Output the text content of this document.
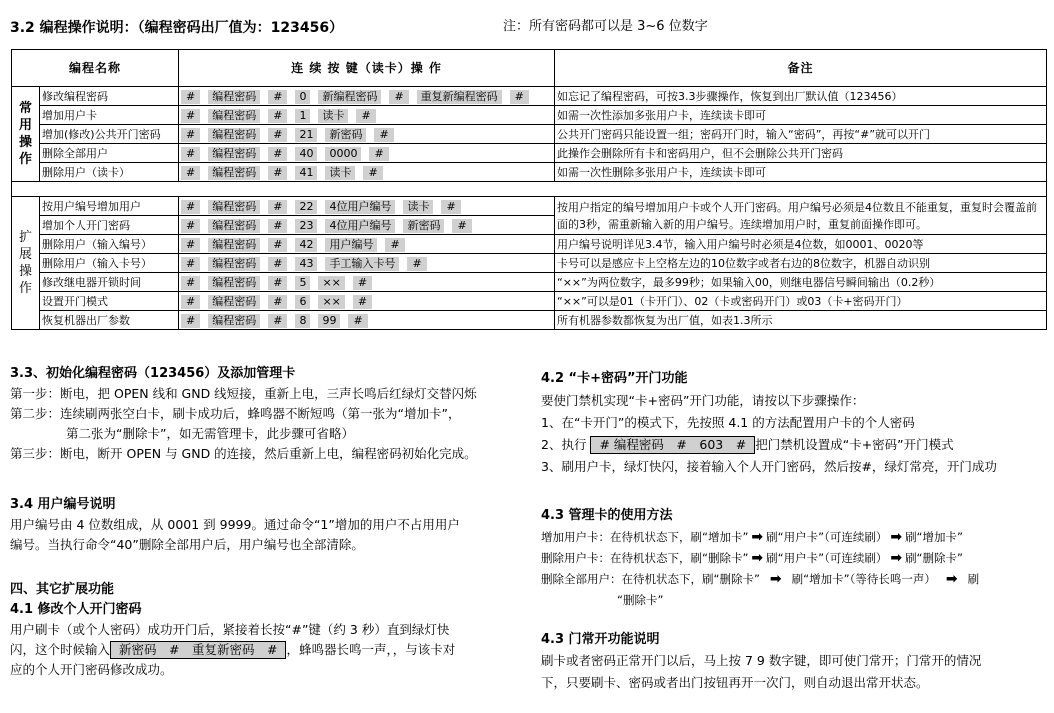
3.2 编程操作说明：（编程密码出厂值为：123456）	注：所有密码都可以是 3~6 位数字
编程名称		连 续 按 键（读卡）操 作	备注
常用操作	修改编程密码	# 编程密码 # 0 新编程密码 # 重复新编程密码 #	如忘记了编程密码，可按3.3步骤操作，恢复到出厂默认值（123456）
	增加用户卡	# 编程密码 # 1 读卡 #	如需一次性添加多张用户卡，连续读卡即可
	增加(修改)公共开门密码	# 编程密码 # 21 新密码 #	公共开门密码只能设置一组；密码开门时，输入“密码”，再按“#”就可以开门
	删除全部用户	# 编程密码 # 40 0000 #	此操作会删除所有卡和密码用户，但不会删除公共开门密码
	删除用户（读卡）	# 编程密码 # 41 读卡 #	如需一次性删除多张用户卡，连续读卡即可

扩
展
操
作	按用户编号增加用户	# 编程密码 # 22 4位用户编号 读卡 #	按用户指定的编号增加用户卡或个人开门密码。用户编号必须是4位数且不能重复，重复时会覆盖前面的3秒，需重新输入新的用户编号。连续增加用户时，重复前面操作即可。
	增加个人开门密码	# 编程密码 # 23 4位用户编号 新密码 #	
	删除用户（输入编号）	# 编程密码 # 42 用户编号 #	用户编号说明详见3.4节，输入用户编号时必须是4位数，如0001、0020等
	删除用户（输入卡号）	# 编程密码 # 43 手工输入卡号 #	卡号可以是感应卡上空格左边的10位数字或者右边的8位数字，机器自动识别
	修改继电器开锁时间	# 编程密码 # 5 ×× #	“××”为两位数字，最多99秒；如果输入00，则继电器信号瞬间输出（0.2秒）
	设置开门模式	# 编程密码 # 6 ×× #	“××”可以是01（卡开门）、02（卡或密码开门）或03（卡+密码开门）
	恢复机器出厂参数	# 编程密码 # 8 99 #	所有机器参数都恢复为出厂值，如表1.3所示
3.3、初始化编程密码（123456）及添加管理卡
第一步：断电，把 OPEN 线和 GND 线短接，重新上电，三声长鸣后红绿灯交替闪烁
第二步：连续刷两张空白卡，刷卡成功后，蜂鸣器不断短鸣（第一张为“增加卡”，
第二张为“删除卡”，如无需管理卡，此步骤可省略）
第三步：断电，断开 OPEN 与 GND 的连接，然后重新上电，编程密码初始化完成。
3.4 用户编号说明
用户编号由 4 位数组成，从 0001 到 9999。通过命令“1”增加的用户不占用用户
编号。当执行命令“40”删除全部用户后，用户编号也全部清除。
四、其它扩展功能
4.1 修改个人开门密码
用户刷卡（或个人密码）成功开门后，紧接着长按“#”键（约 3 秒）直到绿灯快
闪，这个时候输入 新密码　#　重复新密码　# ，蜂鸣器长鸣一声，，与该卡对
应的个人开门密码修改成功。
4.2 “卡+密码”开门功能
要使门禁机实现“卡+密码”开门功能，请按以下步骤操作：
1、在“卡开门”的模式下，先按照 4.1 的方法配置用户卡的个人密码
2、执行 # 编程密码　#　603　# 把门禁机设置成“卡+密码”开门模式
3、刷用户卡，绿灯快闪，接着输入个人开门密码，然后按#，绿灯常亮，开门成功
4.3 管理卡的使用方法
增加用户卡：在待机状态下，刷“增加卡” ➡ 刷“用户卡”（可连续刷） ➡ 刷“增加卡”
删除用户卡：在待机状态下，刷“删除卡” ➡ 刷“用户卡”（可连续刷） ➡ 刷“删除卡”
删除全部用户：在待机状态下，刷“删除卡” ➡ 刷“增加卡”（等待长鸣一声） ➡ 刷
“删除卡”
4.3 门常开功能说明
刷卡或者密码正常开门以后，马上按 7 9 数字键，即可使门常开；门常开的情况
下，只要刷卡、密码或者出门按钮再开一次门，则自动退出常开状态。
